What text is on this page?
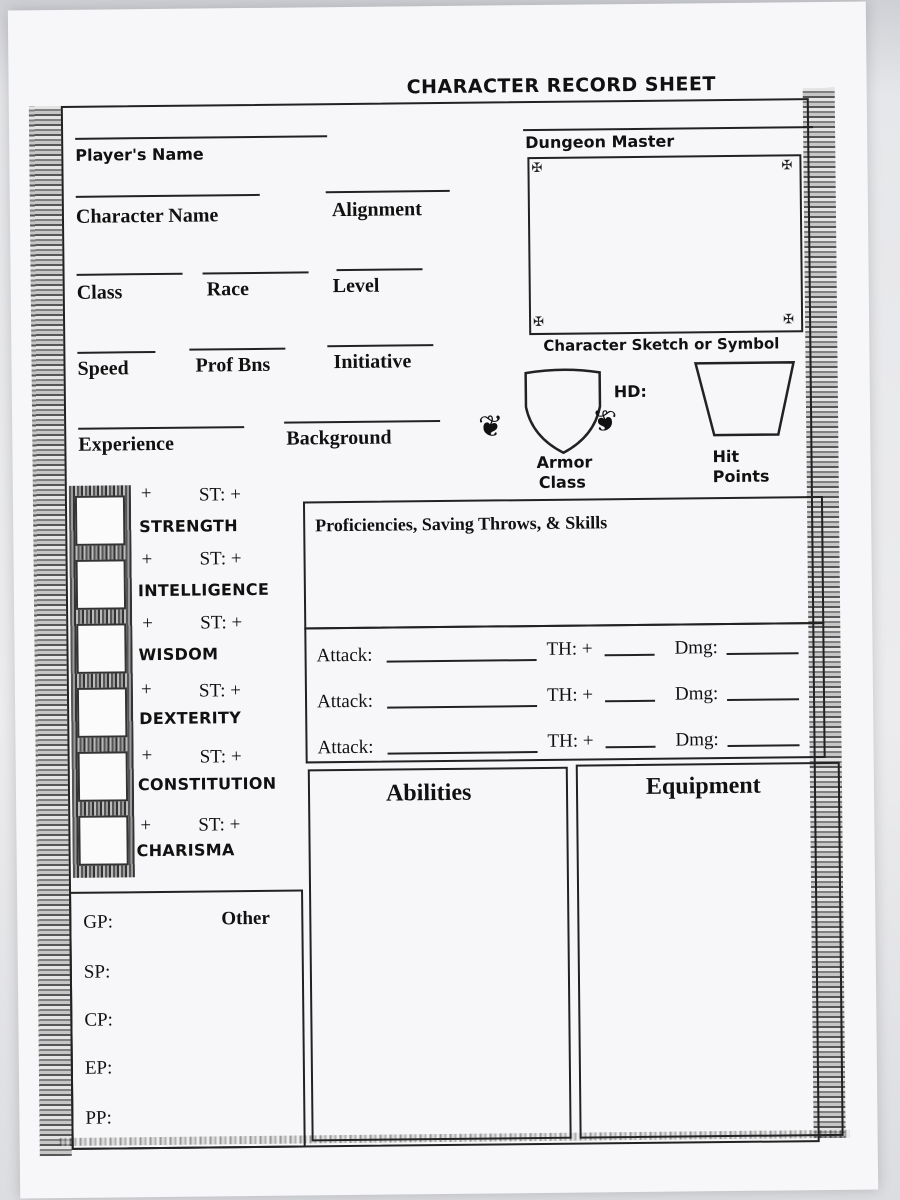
CHARACTER RECORD SHEET
Player's Name
Character Name	Alignment
Class	Race	Level
Speed	Prof Bns	Initiative
Experience	Background
Dungeon Master
✠	✠
✠	✠
Character Sketch or Symbol
❦	❦
HD:
Armor
Class
Hit
Points
+ ST: +
STRENGTH
+ ST: +
INTELLIGENCE
+ ST: +
WISDOM
+ ST: +
DEXTERITY
+ ST: +
CONSTITUTION
+ ST: +
CHARISMA
Proficiencies, Saving Throws, & Skills
Attack:	TH: +	Dmg:
Attack:	TH: +	Dmg:
Attack:	TH: +	Dmg:
Abilities	Equipment
GP:	Other
SP:
CP:
EP:
PP:
